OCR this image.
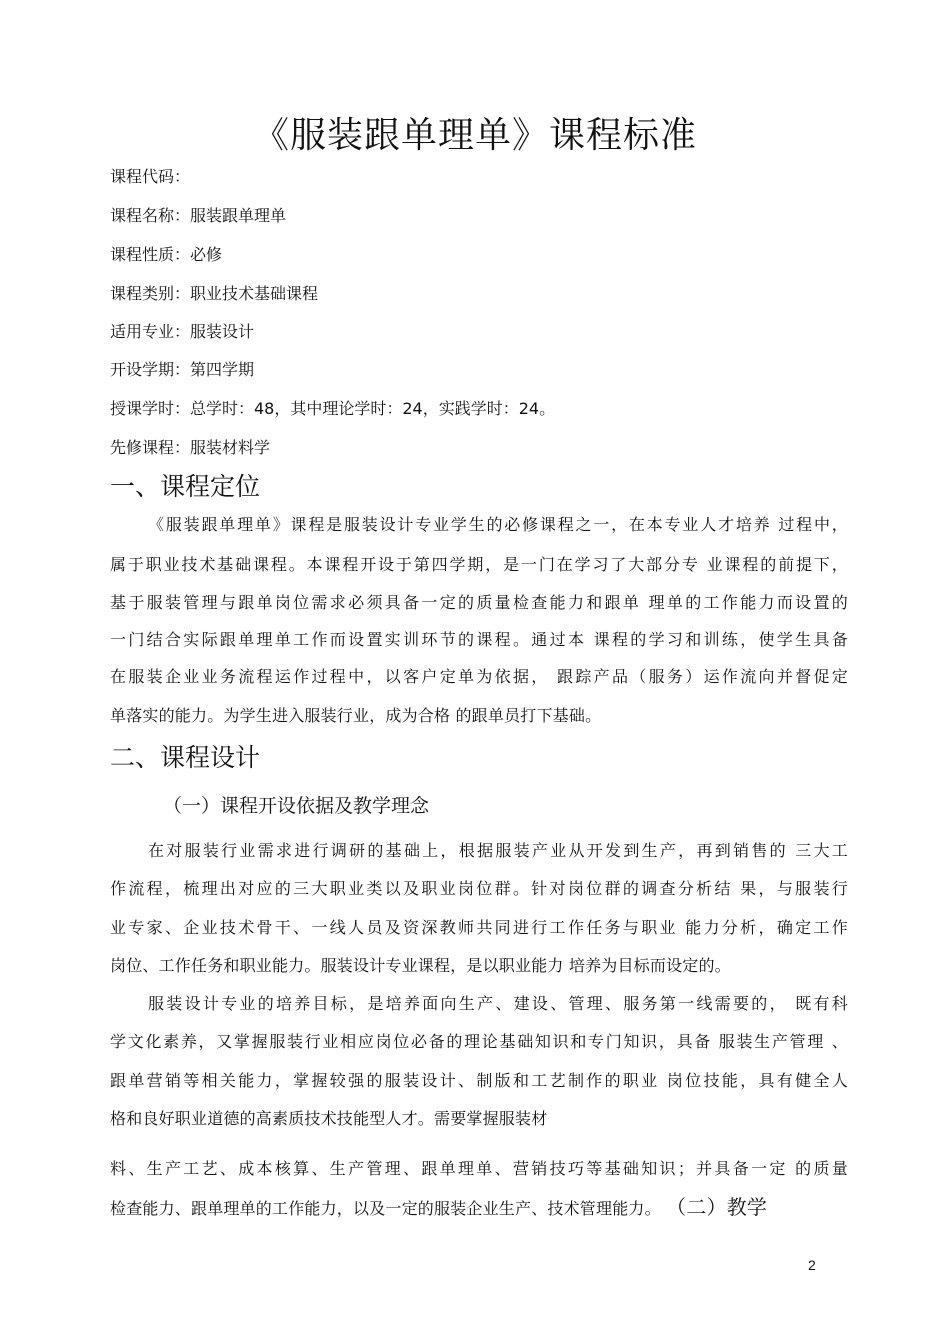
《服装跟单理单》课程标准
课程代码：
课程名称：服装跟单理单
课程性质：必修
课程类别：职业技术基础课程
适用专业：服装设计
开设学期：第四学期
授课学时：总学时：48，其中理论学时：24，实践学时：24。
先修课程：服装材料学
一、课程定位
《服装跟单理单》课程是服装设计专业学生的必修课程之一，在本专业人才培养 过程中，
属于职业技术基础课程。本课程开设于第四学期，是一门在学习了大部分专 业课程的前提下，
基于服装管理与跟单岗位需求必须具备一定的质量检查能力和跟单 理单的工作能力而设置的
一门结合实际跟单理单工作而设置实训环节的课程。通过本 课程的学习和训练，使学生具备
在服装企业业务流程运作过程中，以客户定单为依据， 跟踪产品（服务）运作流向并督促定
单落实的能力。为学生进入服装行业，成为合格 的跟单员打下基础。
二、课程设计
（一）课程开设依据及教学理念
在对服装行业需求进行调研的基础上，根据服装产业从开发到生产，再到销售的 三大工
作流程，梳理出对应的三大职业类以及职业岗位群。针对岗位群的调查分析结 果，与服装行
业专家、企业技术骨干、一线人员及资深教师共同进行工作任务与职业 能力分析，确定工作
岗位、工作任务和职业能力。服装设计专业课程，是以职业能力 培养为目标而设定的。
服装设计专业的培养目标，是培养面向生产、建设、管理、服务第一线需要的， 既有科
学文化素养，又掌握服装行业相应岗位必备的理论基础知识和专门知识，具备 服装生产管理 、
跟单营销等相关能力，掌握较强的服装设计、制版和工艺制作的职业 岗位技能，具有健全人
格和良好职业道德的高素质技术技能型人才。需要掌握服装材
料、生产工艺、成本核算、生产管理、跟单理单、营销技巧等基础知识；并具备一定 的质量
检查能力、跟单理单的工作能力，以及一定的服装企业生产、技术管理能力。 （二）教学
2
